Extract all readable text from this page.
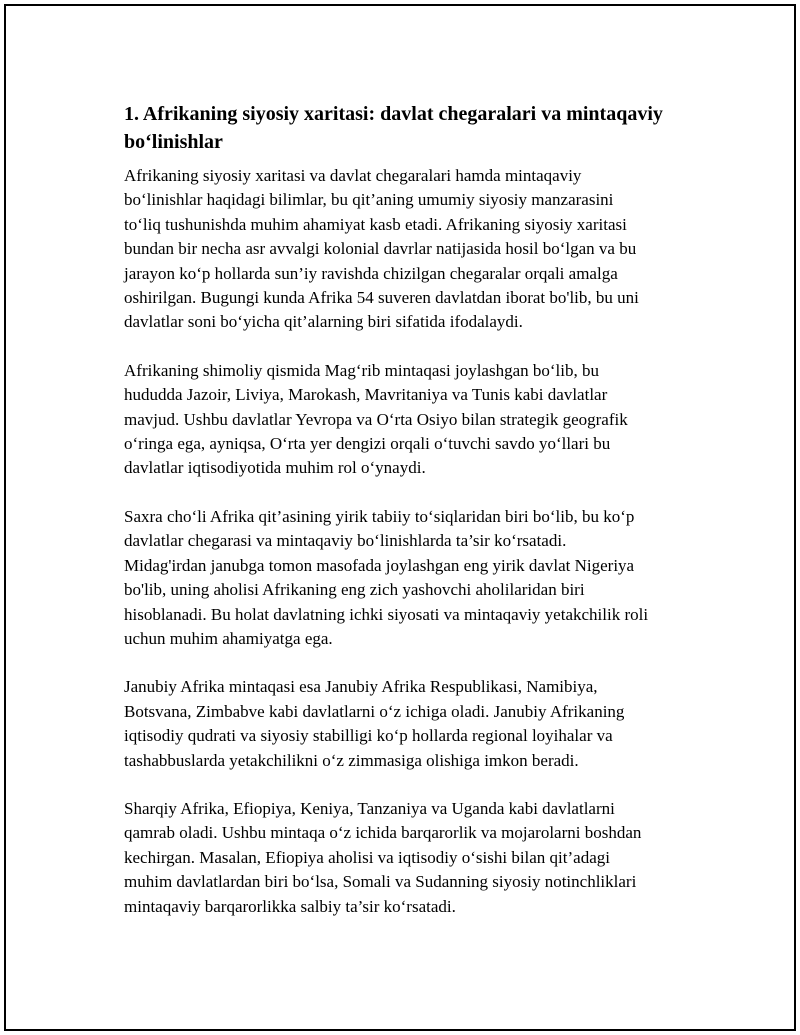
1. Afrikaning siyosiy xaritasi: davlat chegaralari va mintaqaviy
bo‘linishlar

Afrikaning siyosiy xaritasi va davlat chegaralari hamda mintaqaviy
bo‘linishlar haqidagi bilimlar, bu qit’aning umumiy siyosiy manzarasini
to‘liq tushunishda muhim ahamiyat kasb etadi. Afrikaning siyosiy xaritasi
bundan bir necha asr avvalgi kolonial davrlar natijasida hosil bo‘lgan va bu
jarayon ko‘p hollarda sun’iy ravishda chizilgan chegaralar orqali amalga
oshirilgan. Bugungi kunda Afrika 54 suveren davlatdan iborat bo'lib, bu uni
davlatlar soni bo‘yicha qit’alarning biri sifatida ifodalaydi.

Afrikaning shimoliy qismida Mag‘rib mintaqasi joylashgan bo‘lib, bu
hududda Jazoir, Liviya, Marokash, Mavritaniya va Tunis kabi davlatlar
mavjud. Ushbu davlatlar Yevropa va O‘rta Osiyo bilan strategik geografik
o‘ringa ega, ayniqsa, O‘rta yer dengizi orqali o‘tuvchi savdo yo‘llari bu
davlatlar iqtisodiyotida muhim rol o‘ynaydi.

Saxra cho‘li Afrika qit’asining yirik tabiiy to‘siqlaridan biri bo‘lib, bu ko‘p
davlatlar chegarasi va mintaqaviy bo‘linishlarda ta’sir ko‘rsatadi.
Midag'irdan janubga tomon masofada joylashgan eng yirik davlat Nigeriya
bo'lib, uning aholisi Afrikaning eng zich yashovchi aholilaridan biri
hisoblanadi. Bu holat davlatning ichki siyosati va mintaqaviy yetakchilik roli
uchun muhim ahamiyatga ega.

Janubiy Afrika mintaqasi esa Janubiy Afrika Respublikasi, Namibiya,
Botsvana, Zimbabve kabi davlatlarni o‘z ichiga oladi. Janubiy Afrikaning
iqtisodiy qudrati va siyosiy stabilligi ko‘p hollarda regional loyihalar va
tashabbuslarda yetakchilikni o‘z zimmasiga olishiga imkon beradi.

Sharqiy Afrika, Efiopiya, Keniya, Tanzaniya va Uganda kabi davlatlarni
qamrab oladi. Ushbu mintaqa o‘z ichida barqarorlik va mojarolarni boshdan
kechirgan. Masalan, Efiopiya aholisi va iqtisodiy o‘sishi bilan qit’adagi
muhim davlatlardan biri bo‘lsa, Somali va Sudanning siyosiy notinchliklari
mintaqaviy barqarorlikka salbiy ta’sir ko‘rsatadi.
